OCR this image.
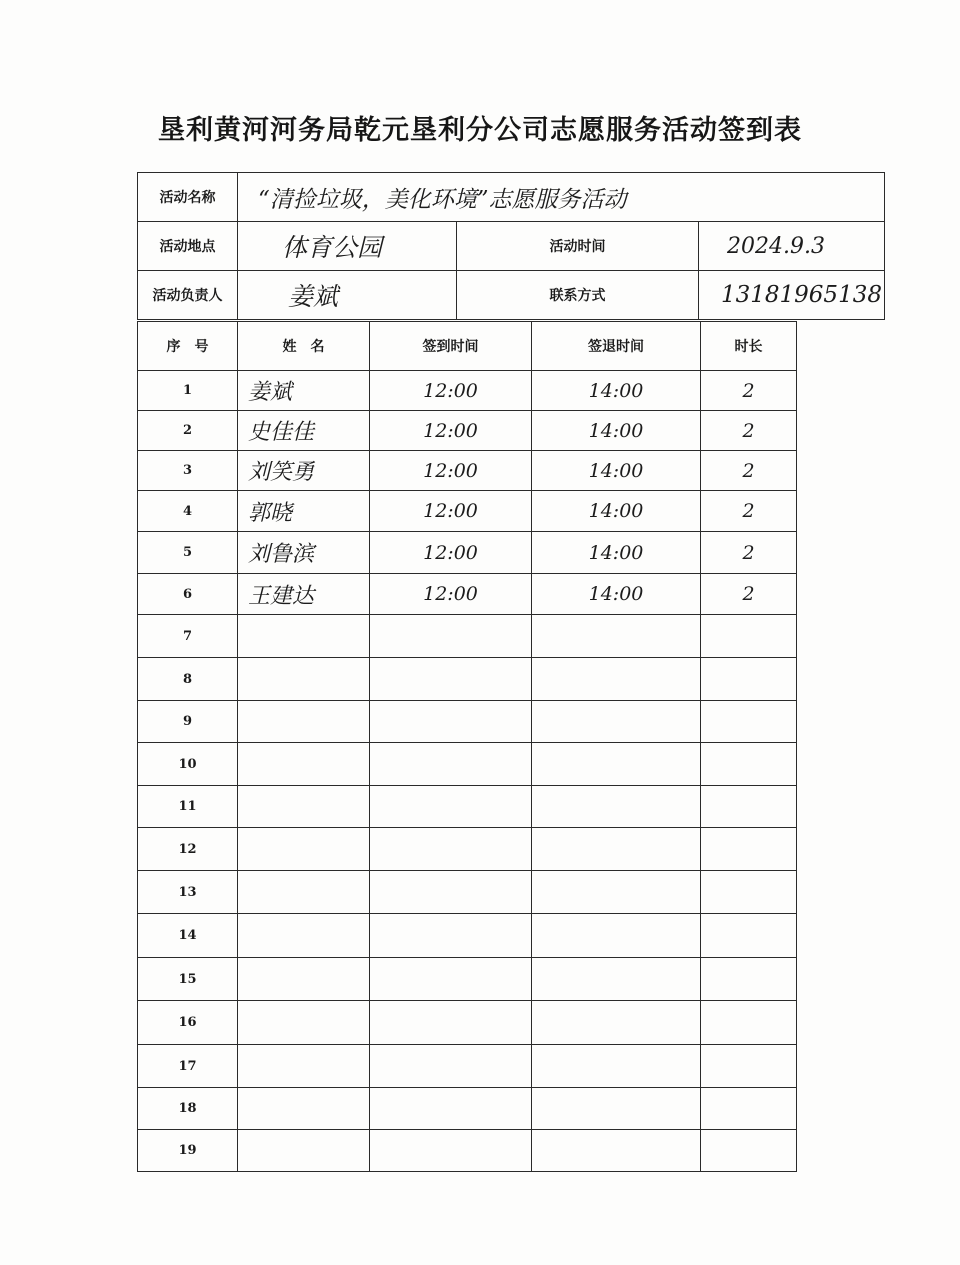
垦利黄河河务局乾元垦利分公司志愿服务活动签到表
活动名称	“清捡垃圾，美化环境”志愿服务活动		
活动地点	体育公园	活动时间	2024.9.3
活动负责人	姜斌	联系方式	13181965138
序　号	姓　名	签到时间	签退时间	时长
1	姜斌	12:00	14:00	2
2	史佳佳	12:00	14:00	2
3	刘笑勇	12:00	14:00	2
4	郭晓	12:00	14:00	2
5	刘鲁滨	12:00	14:00	2
6	王建达	12:00	14:00	2
7				
8				
9				
10				
11				
12				
13				
14				
15				
16				
17				
18				
19				
